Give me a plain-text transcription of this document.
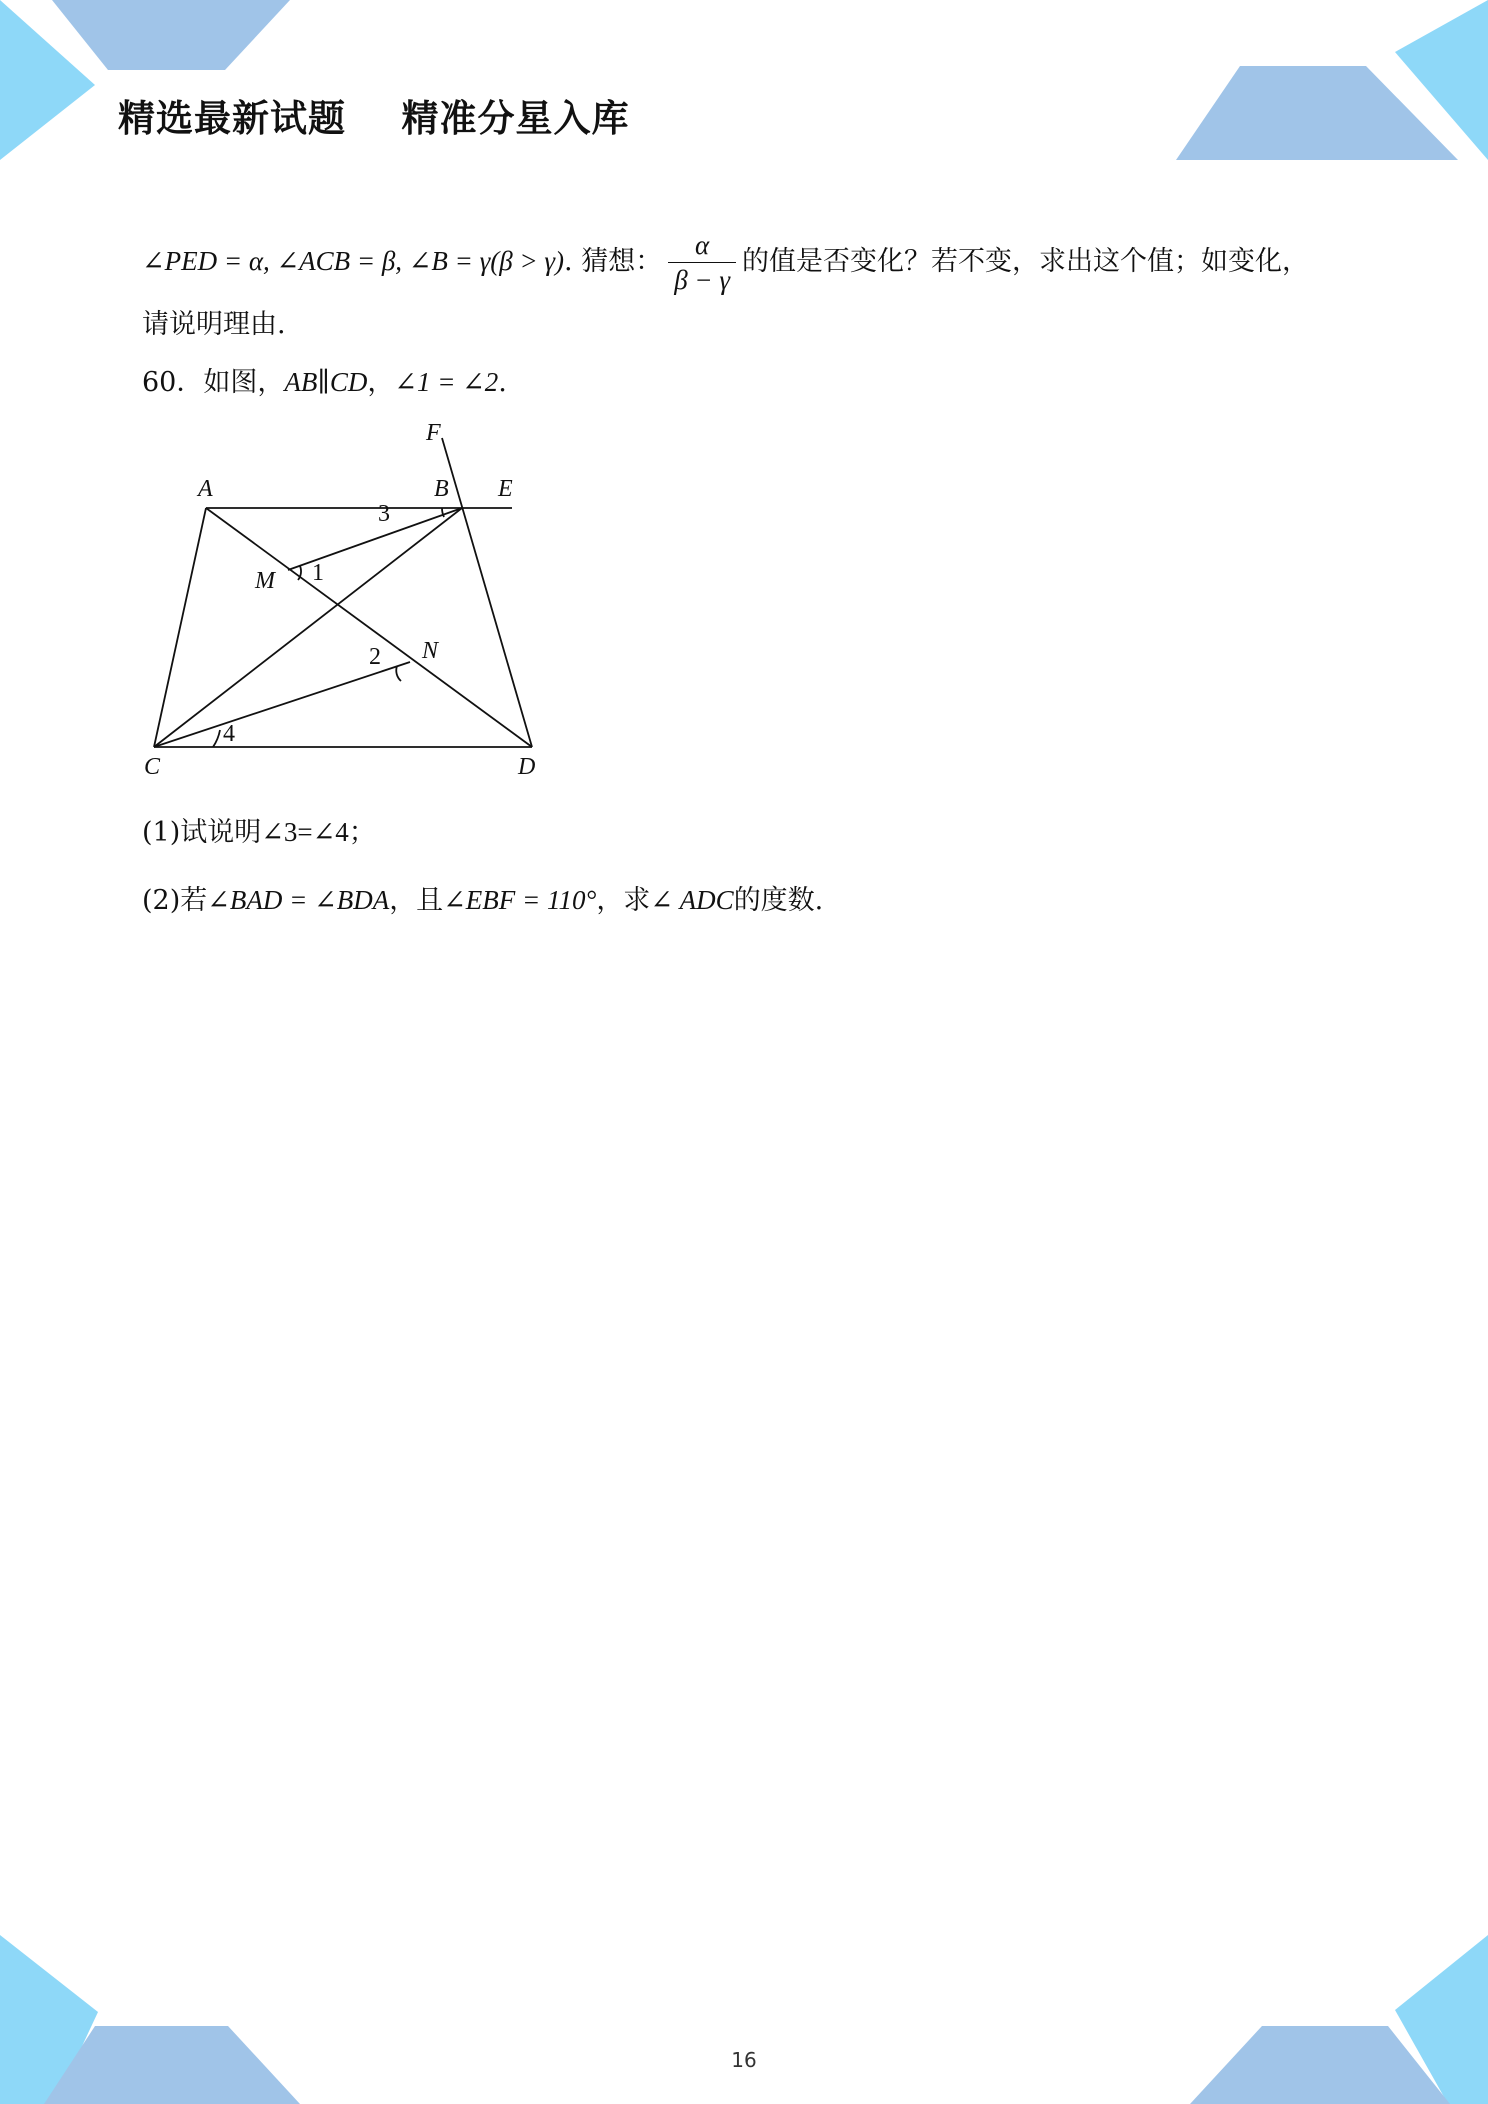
精选最新试题    精准分星入库
∠PED = α, ∠ACB = β, ∠B = γ(β > γ). 猜想： $\frac{\alpha}{\beta - \gamma}$ 的值是否变化？若不变，求出这个值；如变化，
请说明理由.
60．如图，AB∥CD，∠1 = ∠2.
(1)试说明∠3=∠4；
(2)若∠BAD = ∠BDA，且∠EBF = 110°，求∠ ADC的度数.
F
A	B E
3
M 1
2 N
4
C	D
16
